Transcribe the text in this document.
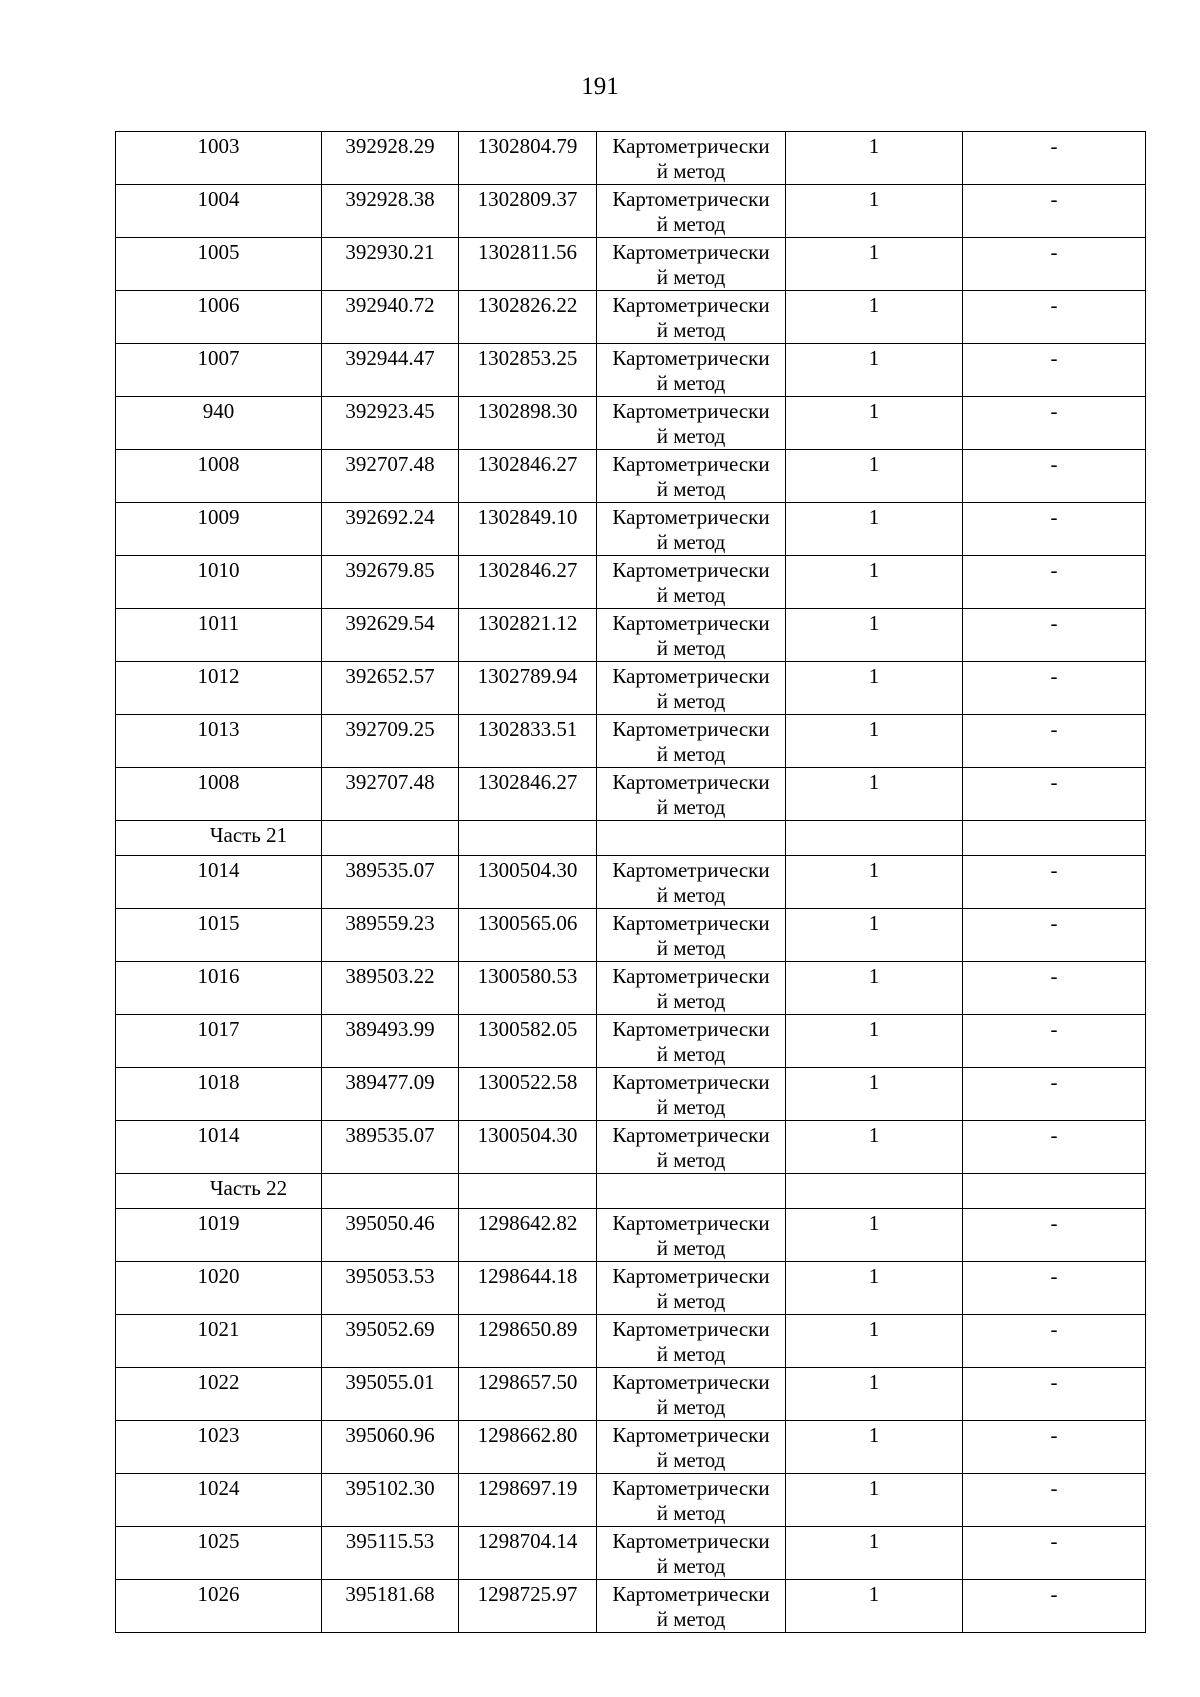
191
1003	392928.29	1302804.79	Картометрически
й метод	1	-

1004	392928.38	1302809.37	Картометрически
й метод	1	-

1005	392930.21	1302811.56	Картометрически
й метод	1	-

1006	392940.72	1302826.22	Картометрически
й метод	1	-

1007	392944.47	1302853.25	Картометрически
й метод	1	-

940	392923.45	1302898.30	Картометрически
й метод	1	-

1008	392707.48	1302846.27	Картометрически
й метод	1	-

1009	392692.24	1302849.10	Картометрически
й метод	1	-

1010	392679.85	1302846.27	Картометрически
й метод	1	-

1011	392629.54	1302821.12	Картометрически
й метод	1	-

1012	392652.57	1302789.94	Картометрически
й метод	1	-

1013	392709.25	1302833.51	Картометрически
й метод	1	-

1008	392707.48	1302846.27	Картометрически
й метод	1	-

Часть 21					

1014	389535.07	1300504.30	Картометрически
й метод	1	-

1015	389559.23	1300565.06	Картометрически
й метод	1	-

1016	389503.22	1300580.53	Картометрически
й метод	1	-

1017	389493.99	1300582.05	Картометрически
й метод	1	-

1018	389477.09	1300522.58	Картометрически
й метод	1	-

1014	389535.07	1300504.30	Картометрически
й метод	1	-

Часть 22					

1019	395050.46	1298642.82	Картометрически
й метод	1	-

1020	395053.53	1298644.18	Картометрически
й метод	1	-

1021	395052.69	1298650.89	Картометрически
й метод	1	-

1022	395055.01	1298657.50	Картометрически
й метод	1	-

1023	395060.96	1298662.80	Картометрически
й метод	1	-

1024	395102.30	1298697.19	Картометрически
й метод	1	-

1025	395115.53	1298704.14	Картометрически
й метод	1	-

1026	395181.68	1298725.97	Картометрически
й метод	1	-
